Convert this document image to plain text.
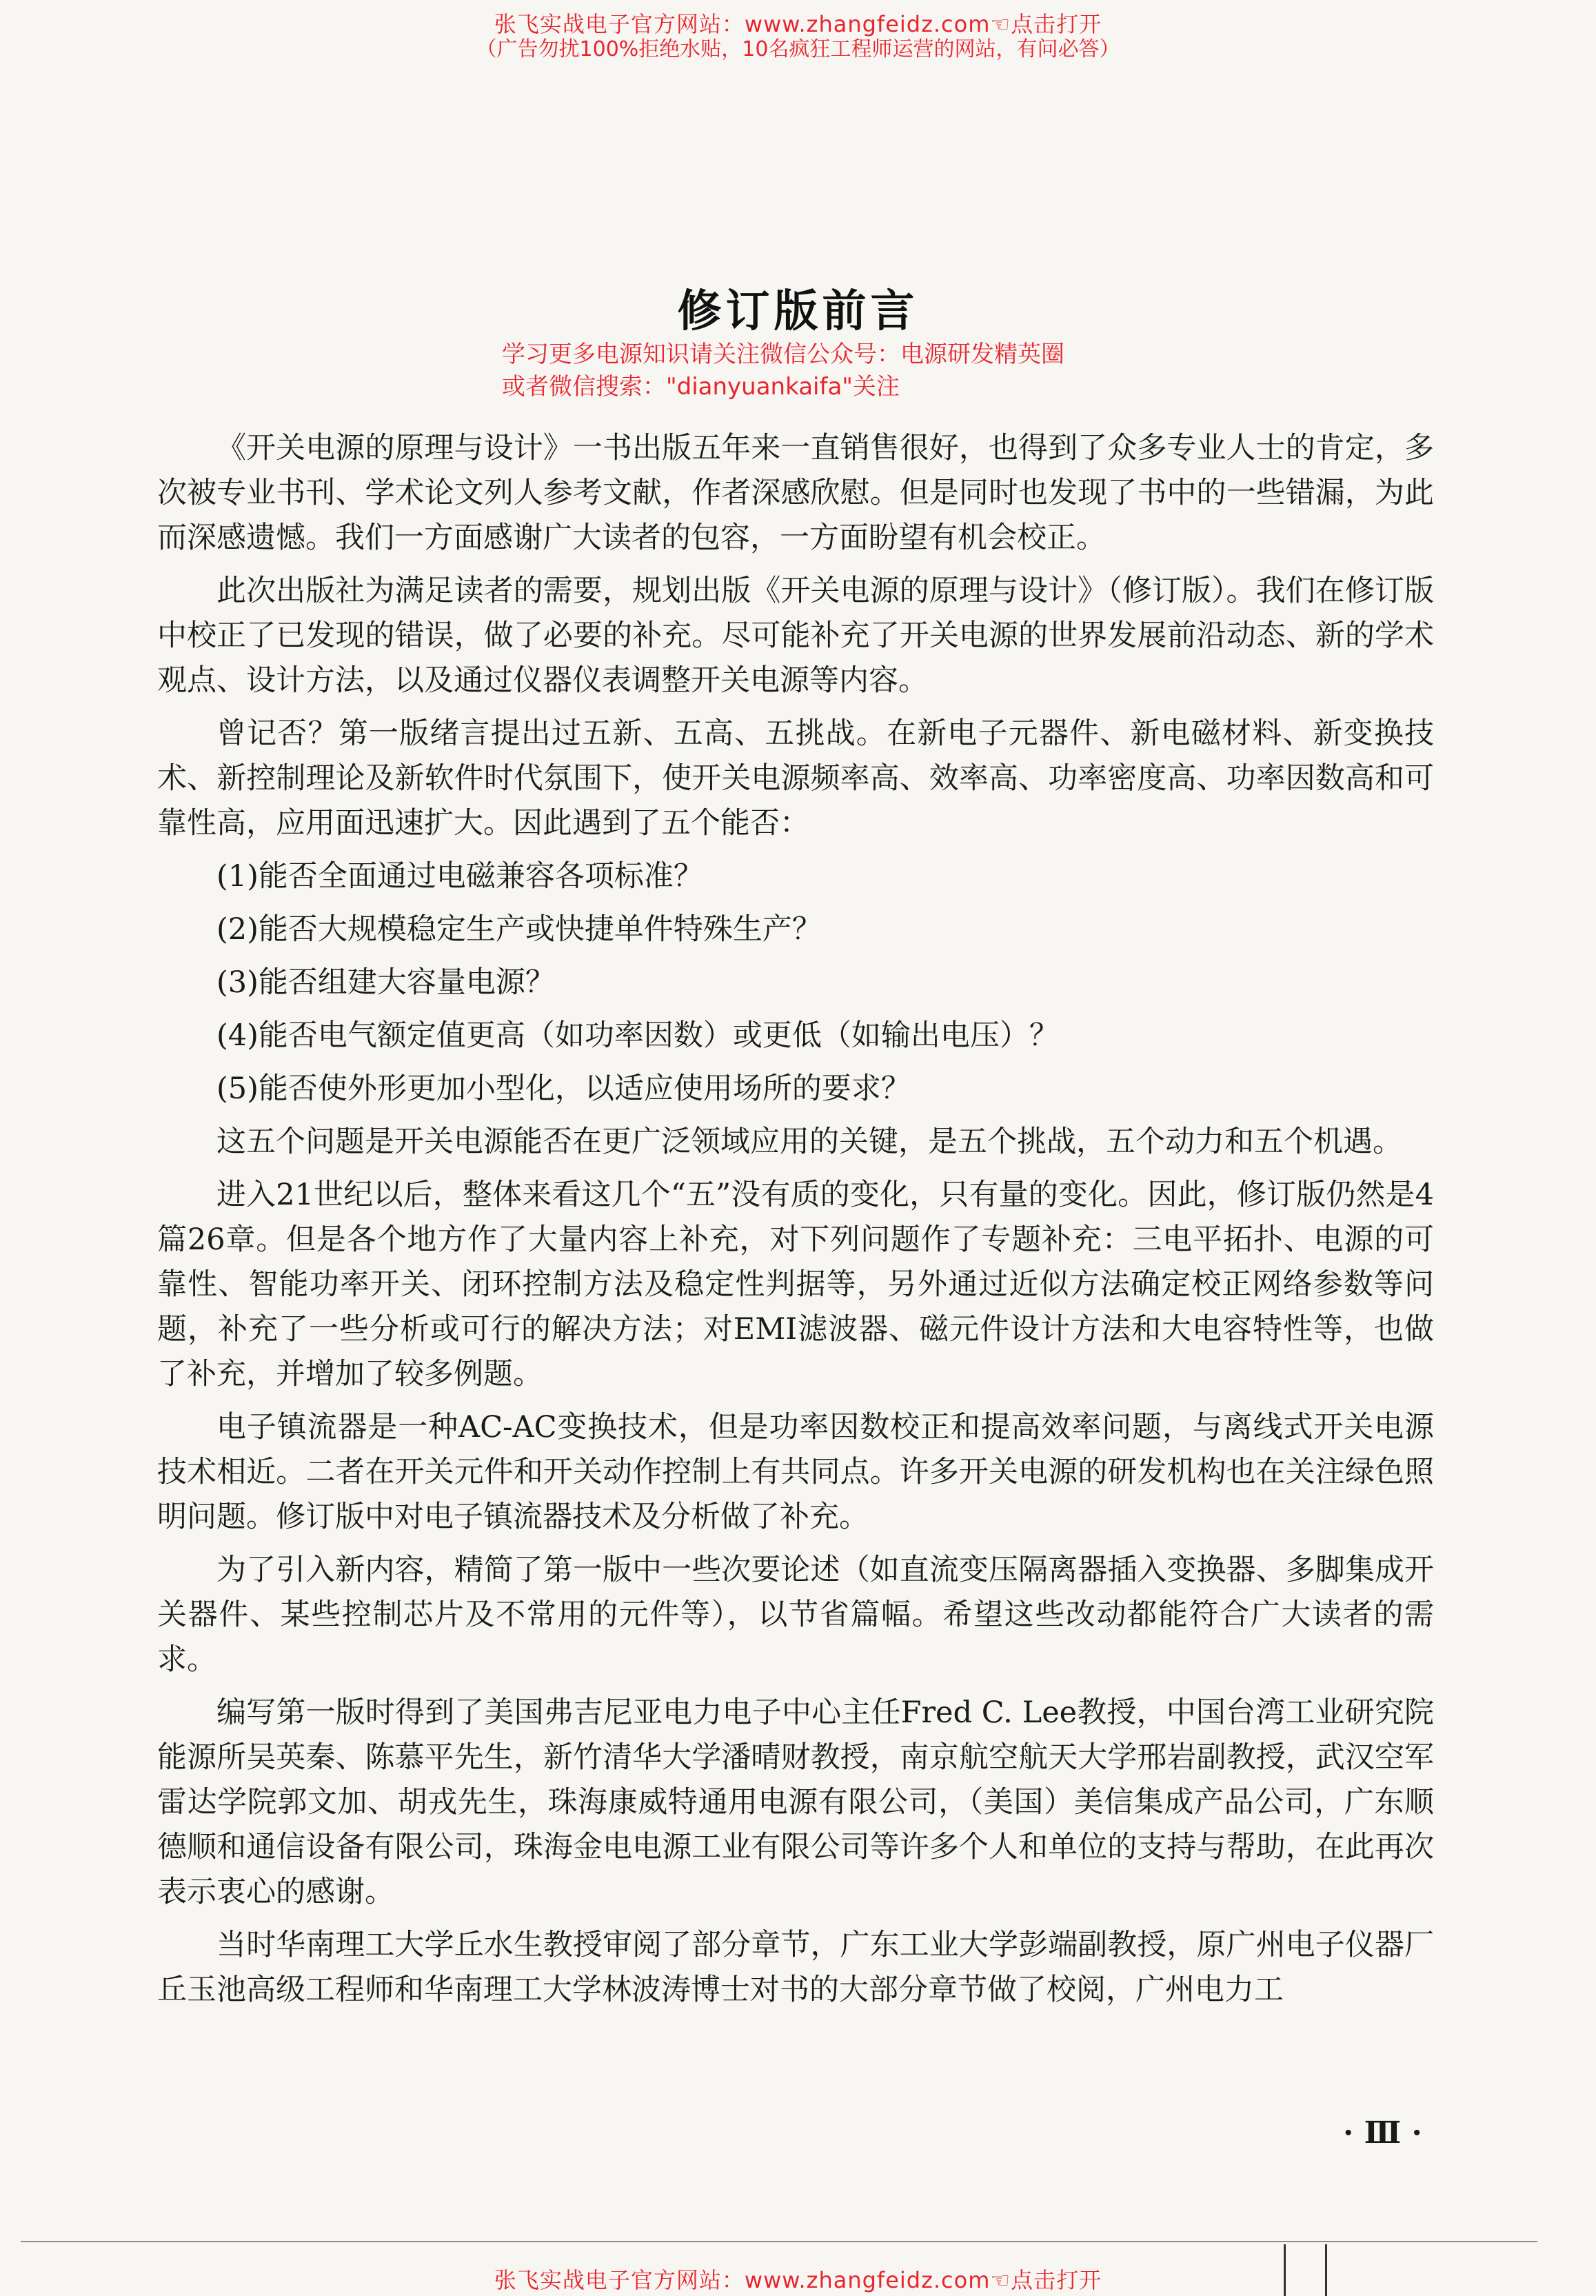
张飞实战电子官方网站：www.zhangfeidz.com☜点击打开
（广告勿扰100%拒绝水贴，10名疯狂工程师运营的网站，有问必答）
修订版前言
学习更多电源知识请关注微信公众号：电源研发精英圈
或者微信搜索："dianyuankaifa"关注

《开关电源的原理与设计》一书出版五年来一直销售很好，也得到了众多专业人士的肯定，多次被专业书刊、学术论文列人参考文献，作者深感欣慰。但是同时也发现了书中的一些错漏，为此而深感遗憾。我们一方面感谢广大读者的包容，一方面盼望有机会校正。

此次出版社为满足读者的需要，规划出版《开关电源的原理与设计》（修订版）。我们在修订版中校正了已发现的错误，做了必要的补充。尽可能补充了开关电源的世界发展前沿动态、新的学术观点、设计方法，以及通过仪器仪表调整开关电源等内容。

曾记否？第一版绪言提出过五新、五高、五挑战。在新电子元器件、新电磁材料、新变换技术、新控制理论及新软件时代氛围下，使开关电源频率高、效率高、功率密度高、功率因数高和可靠性高，应用面迅速扩大。因此遇到了五个能否：

(1)能否全面通过电磁兼容各项标准？

(2)能否大规模稳定生产或快捷单件特殊生产？

(3)能否组建大容量电源？

(4)能否电气额定值更高（如功率因数）或更低（如输出电压）？

(5)能否使外形更加小型化，以适应使用场所的要求？

这五个问题是开关电源能否在更广泛领域应用的关键，是五个挑战，五个动力和五个机遇。

进入21世纪以后，整体来看这几个“五”没有质的变化，只有量的变化。因此，修订版仍然是4篇26章。但是各个地方作了大量内容上补充，对下列问题作了专题补充：三电平拓扑、电源的可靠性、智能功率开关、闭环控制方法及稳定性判据等，另外通过近似方法确定校正网络参数等问题，补充了一些分析或可行的解决方法；对EMI滤波器、磁元件设计方法和大电容特性等，也做了补充，并增加了较多例题。

电子镇流器是一种AC-AC变换技术，但是功率因数校正和提高效率问题，与离线式开关电源技术相近。二者在开关元件和开关动作控制上有共同点。许多开关电源的研发机构也在关注绿色照明问题。修订版中对电子镇流器技术及分析做了补充。

为了引入新内容，精简了第一版中一些次要论述（如直流变压隔离器插入变换器、多脚集成开关器件、某些控制芯片及不常用的元件等），以节省篇幅。希望这些改动都能符合广大读者的需求。

编写第一版时得到了美国弗吉尼亚电力电子中心主任Fred C. Lee教授，中国台湾工业研究院能源所吴英秦、陈慕平先生，新竹清华大学潘晴财教授，南京航空航天大学邢岩副教授，武汉空军雷达学院郭文加、胡戎先生，珠海康威特通用电源有限公司，（美国）美信集成产品公司，广东顺德顺和通信设备有限公司，珠海金电电源工业有限公司等许多个人和单位的支持与帮助，在此再次表示衷心的感谢。

当时华南理工大学丘水生教授审阅了部分章节，广东工业大学彭端副教授，原广州电子仪器厂丘玉池高级工程师和华南理工大学林波涛博士对书的大部分章节做了校阅，广州电力工

· Ⅲ ·
张飞实战电子官方网站：www.zhangfeidz.com☜点击打开
